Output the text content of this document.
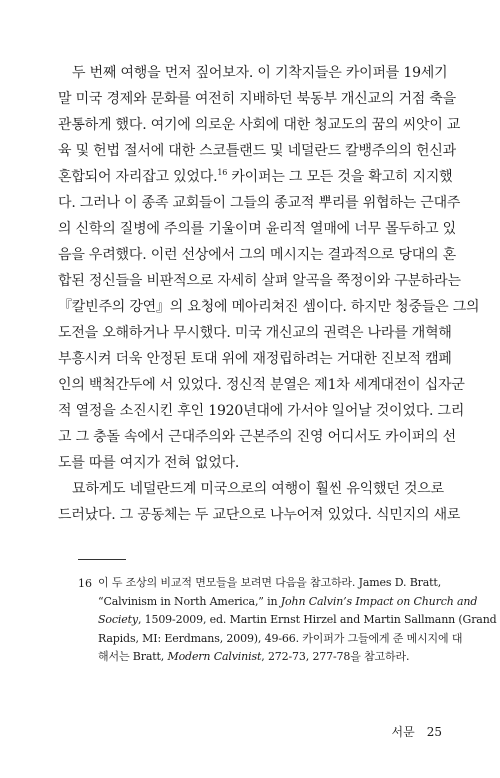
두 번째 여행을 먼저 짚어보자. 이 기착지들은 카이퍼를 19세기
말 미국 경제와 문화를 여전히 지배하던 북동부 개신교의 거점 축을
관통하게 했다. 여기에 의로운 사회에 대한 청교도의 꿈의 씨앗이 교
육 및 헌법 절서에 대한 스코틀랜드 및 네덜란드 칼뱅주의의 헌신과
혼합되어 자리잡고 있었다.$^{16}$ 카이퍼는 그 모든 것을 확고히 지지했
다. 그러나 이 종족 교회들이 그들의 종교적 뿌리를 위협하는 근대주
의 신학의 질병에 주의를 기울이며 윤리적 열매에 너무 몰두하고 있
음을 우려했다. 이런 선상에서 그의 메시지는 결과적으로 당대의 혼
합된 정신들을 비판적으로 자세히 살펴 알곡을 쭉정이와 구분하라는
『칼빈주의 강연』의 요청에 메아리쳐진 셈이다. 하지만 청중들은 그의
도전을 오해하거나 무시했다. 미국 개신교의 권력은 나라를 개혁해
부흥시켜 더욱 안정된 토대 위에 재정립하려는 거대한 진보적 캠페
인의 백척간두에 서 있었다. 정신적 분열은 제1차 세계대전이 십자군
적 열정을 소진시킨 후인 1920년대에 가서야 일어날 것이었다. 그리
고 그 충돌 속에서 근대주의와 근본주의 진영 어디서도 카이퍼의 선
도를 따를 여지가 전혀 없었다.
묘하게도 네덜란드계 미국으로의 여행이 훨씬 유익했던 것으로
드러났다. 그 공동체는 두 교단으로 나누어져 있었다. 식민지의 새로
16 이 두 조상의 비교적 면모들을 보려면 다음을 참고하라. James D. Bratt,
“Calvinism in North America,” in John Calvin’s Impact on Church and
Society, 1509-2009, ed. Martin Ernst Hirzel and Martin Sallmann (Grand
Rapids, MI: Eerdmans, 2009), 49-66. 카이퍼가 그들에게 준 메시지에 대
해서는 Bratt, Modern Calvinist, 272-73, 277-78을 참고하라.
서문 25
